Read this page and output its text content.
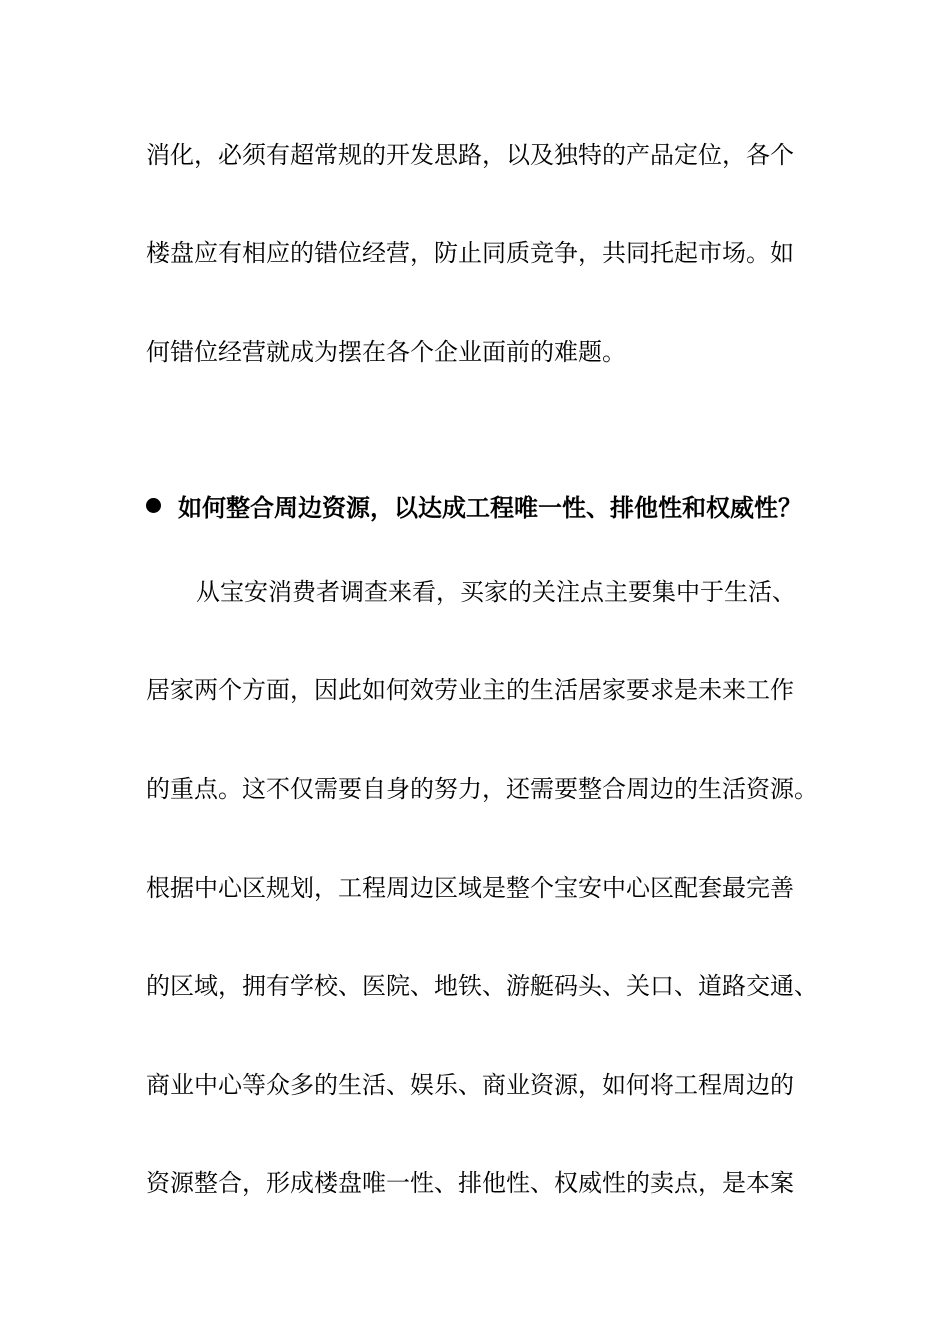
消化，必须有超常规的开发思路，以及独特的产品定位，各个
楼盘应有相应的错位经营，防止同质竞争，共同托起市场。如
何错位经营就成为摆在各个企业面前的难题。
如何整合周边资源，以达成工程唯一性、排他性和权威性？
从宝安消费者调查来看，买家的关注点主要集中于生活、
居家两个方面，因此如何效劳业主的生活居家要求是未来工作
的重点。这不仅需要自身的努力，还需要整合周边的生活资源。
根据中心区规划，工程周边区域是整个宝安中心区配套最完善
的区域，拥有学校、医院、地铁、游艇码头、关口、道路交通、
商业中心等众多的生活、娱乐、商业资源，如何将工程周边的
资源整合，形成楼盘唯一性、排他性、权威性的卖点，是本案
